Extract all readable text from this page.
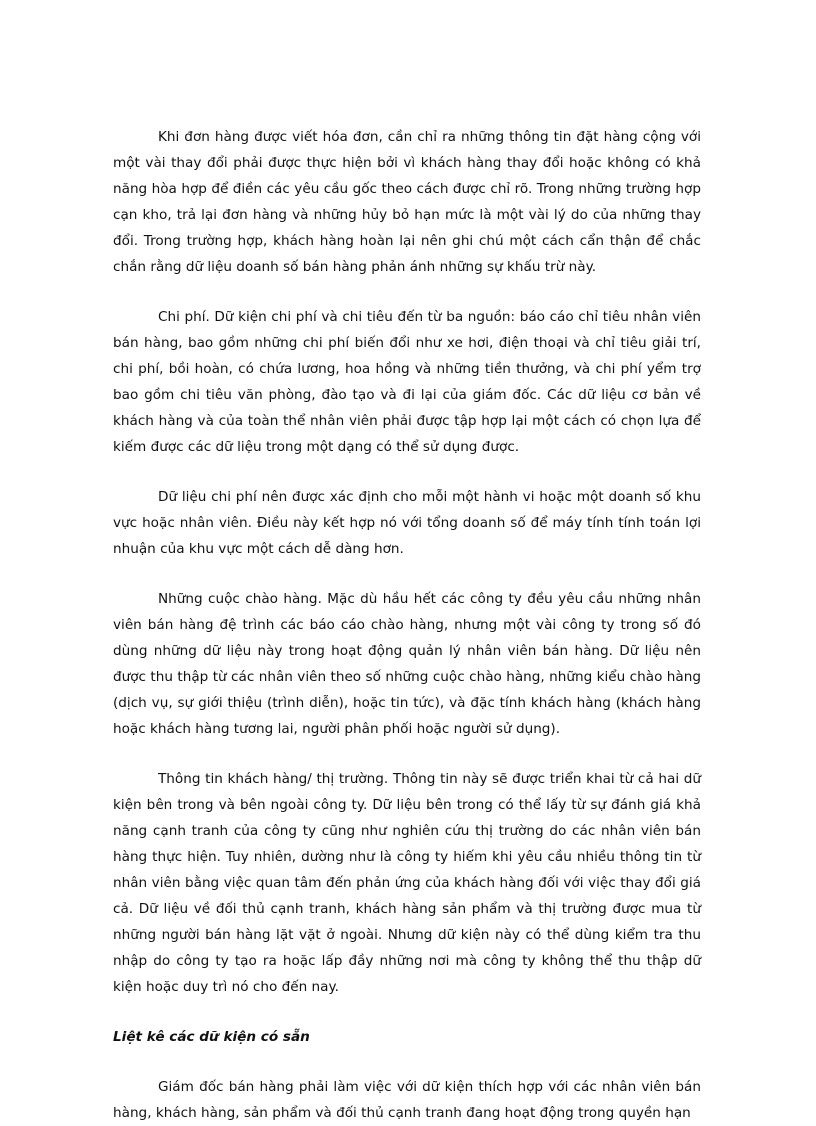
Khi đơn hàng được viết hóa đơn, cần chỉ ra những thông tin đặt hàng cộng với một vài thay đổi phải được thực hiện bởi vì khách hàng thay đổi hoặc không có khả năng hòa hợp để điền các yêu cầu gốc theo cách được chỉ rõ. Trong những trường hợp cạn kho, trả lại đơn hàng và những hủy bỏ hạn mức là một vài lý do của những thay đổi. Trong trường hợp, khách hàng hoàn lại nên ghi chú một cách cẩn thận để chắc chắn rằng dữ liệu doanh số bán hàng phản ánh những sự khấu trừ này.

Chi phí. Dữ kiện chi phí và chi tiêu đến từ ba nguồn: báo cáo chỉ tiêu nhân viên bán hàng, bao gồm những chi phí biến đổi như xe hơi, điện thoại và chỉ tiêu giải trí, chi phí, bồi hoàn, có chứa lương, hoa hồng và những tiền thưởng, và chi phí yểm trợ bao gồm chi tiêu văn phòng, đào tạo và đi lại của giám đốc. Các dữ liệu cơ bản về khách hàng và của toàn thể nhân viên phải được tập hợp lại một cách có chọn lựa để kiếm được các dữ liệu trong một dạng có thể sử dụng được.

Dữ liệu chi phí nên được xác định cho mỗi một hành vi hoặc một doanh số khu vực hoặc nhân viên. Điều này kết hợp nó với tổng doanh số để máy tính tính toán lợi nhuận của khu vực một cách dễ dàng hơn.

Những cuộc chào hàng. Mặc dù hầu hết các công ty đều yêu cầu những nhân viên bán hàng đệ trình các báo cáo chào hàng, nhưng một vài công ty trong số đó dùng những dữ liệu này trong hoạt động quản lý nhân viên bán hàng. Dữ liệu nên được thu thập từ các nhân viên theo số những cuộc chào hàng, những kiểu chào hàng (dịch vụ, sự giới thiệu (trình diễn), hoặc tin tức), và đặc tính khách hàng (khách hàng hoặc khách hàng tương lai, người phân phối hoặc người sử dụng).

Thông tin khách hàng/ thị trường. Thông tin này sẽ được triển khai từ cả hai dữ kiện bên trong và bên ngoài công ty. Dữ liệu bên trong có thể lấy từ sự đánh giá khả năng cạnh tranh của công ty cũng như nghiên cứu thị trường do các nhân viên bán hàng thực hiện. Tuy nhiên, dường như là công ty hiếm khi yêu cầu nhiều thông tin từ nhân viên bằng việc quan tâm đến phản ứng của khách hàng đối với việc thay đổi giá cả. Dữ liệu về đối thủ cạnh tranh, khách hàng sản phẩm và thị trường được mua từ những người bán hàng lặt vặt ở ngoài. Nhưng dữ kiện này có thể dùng kiểm tra thu nhập do công ty tạo ra hoặc lấp đầy những nơi mà công ty không thể thu thập dữ kiện hoặc duy trì nó cho đến nay.

Liệt kê các dữ kiện có sẵn

Giám đốc bán hàng phải làm việc với dữ kiện thích hợp với các nhân viên bán hàng, khách hàng, sản phẩm và đối thủ cạnh tranh đang hoạt động trong quyền hạn
